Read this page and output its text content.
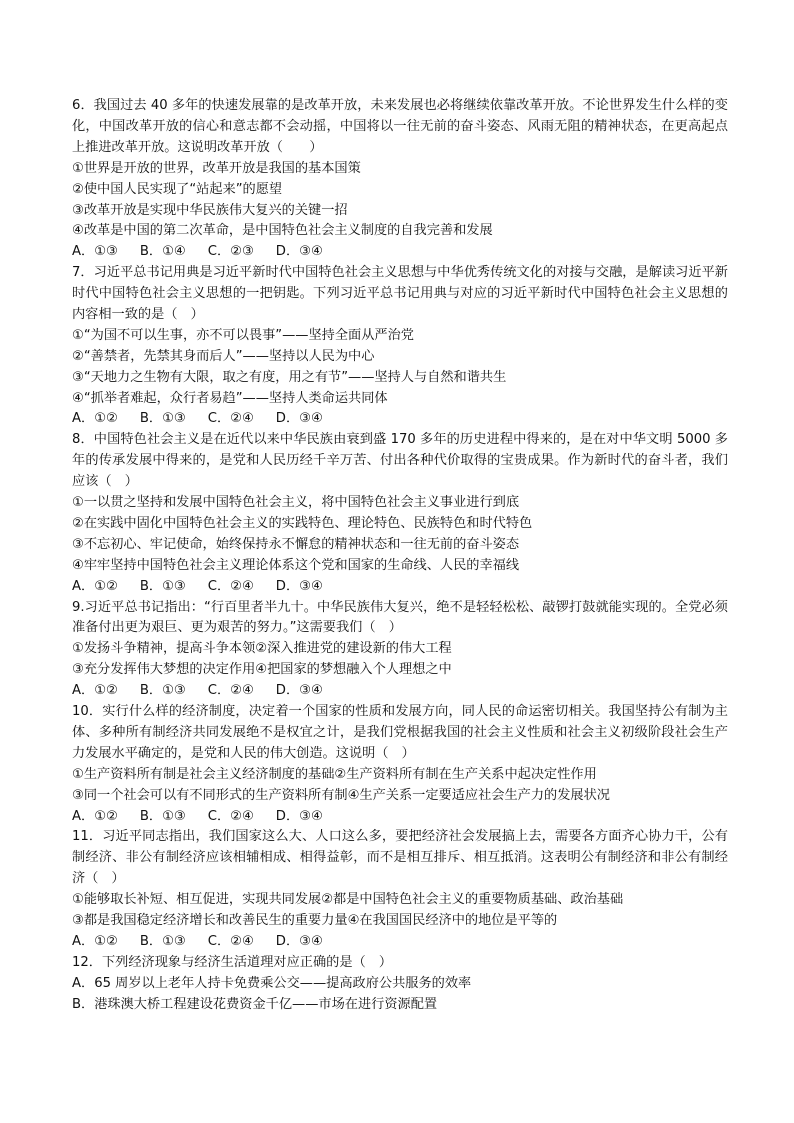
6．我国过去 40 多年的快速发展靠的是改革开放，未来发展也必将继续依靠改革开放。不论世界发生什么样的变化，中国改革开放的信心和意志都不会动摇，中国将以一往无前的奋斗姿态、风雨无阻的精神状态，在更高起点上推进改革开放。这说明改革开放（　　）
①世界是开放的世界，改革开放是我国的基本国策
②使中国人民实现了“站起来”的愿望
③改革开放是实现中华民族伟大复兴的关键一招
④改革是中国的第二次革命，是中国特色社会主义制度的自我完善和发展
A．①③ B．①④ C．②③ D．③④
7．习近平总书记用典是习近平新时代中国特色社会主义思想与中华优秀传统文化的对接与交融，是解读习近平新时代中国特色社会主义思想的一把钥匙。下列习近平总书记用典与对应的习近平新时代中国特色社会主义思想的内容相一致的是（　）
①“为国不可以生事，亦不可以畏事”——坚持全面从严治党
②“善禁者，先禁其身而后人”——坚持以人民为中心
③“天地力之生物有大限，取之有度，用之有节”——坚持人与自然和谐共生
④“抓举者难起，众行者易趋”——坚持人类命运共同体
A．①② B．①③ C．②④ D．③④
8．中国特色社会主义是在近代以来中华民族由衰到盛 170 多年的历史进程中得来的，是在对中华文明 5000 多年的传承发展中得来的，是党和人民历经千辛万苦、付出各种代价取得的宝贵成果。作为新时代的奋斗者，我们应该（　）
①一以贯之坚持和发展中国特色社会主义，将中国特色社会主义事业进行到底
②在实践中固化中国特色社会主义的实践特色、理论特色、民族特色和时代特色
③不忘初心、牢记使命，始终保持永不懈怠的精神状态和一往无前的奋斗姿态
④牢牢坚持中国特色社会主义理论体系这个党和国家的生命线、人民的幸福线
A．①② B．①③ C．②④ D．③④
9.习近平总书记指出：“行百里者半九十。中华民族伟大复兴，绝不是轻轻松松、敲锣打鼓就能实现的。全党必须准备付出更为艰巨、更为艰苦的努力。”这需要我们（　）
①发扬斗争精神，提高斗争本领②深入推进党的建设新的伟大工程
③充分发挥伟大梦想的决定作用④把国家的梦想融入个人理想之中
A．①② B．①③ C．②④ D．③④
10．实行什么样的经济制度，决定着一个国家的性质和发展方向，同人民的命运密切相关。我国坚持公有制为主体、多种所有制经济共同发展绝不是权宜之计，是我们党根据我国的社会主义性质和社会主义初级阶段社会生产力发展水平确定的，是党和人民的伟大创造。这说明（　）
①生产资料所有制是社会主义经济制度的基础②生产资料所有制在生产关系中起决定性作用
③同一个社会可以有不同形式的生产资料所有制④生产关系一定要适应社会生产力的发展状况
A．①② B．①③ C．②④ D．③④
11．习近平同志指出，我们国家这么大、人口这么多，要把经济社会发展搞上去，需要各方面齐心协力干，公有制经济、非公有制经济应该相辅相成、相得益彰，而不是相互排斥、相互抵消。这表明公有制经济和非公有制经济（　）
①能够取长补短、相互促进，实现共同发展②都是中国特色社会主义的重要物质基础、政治基础
③都是我国稳定经济增长和改善民生的重要力量④在我国国民经济中的地位是平等的
A．①② B．①③ C．②④ D．③④
12．下列经济现象与经济生活道理对应正确的是（　）
A．65 周岁以上老年人持卡免费乘公交——提高政府公共服务的效率
B．港珠澳大桥工程建设花费资金千亿——市场在进行资源配置
